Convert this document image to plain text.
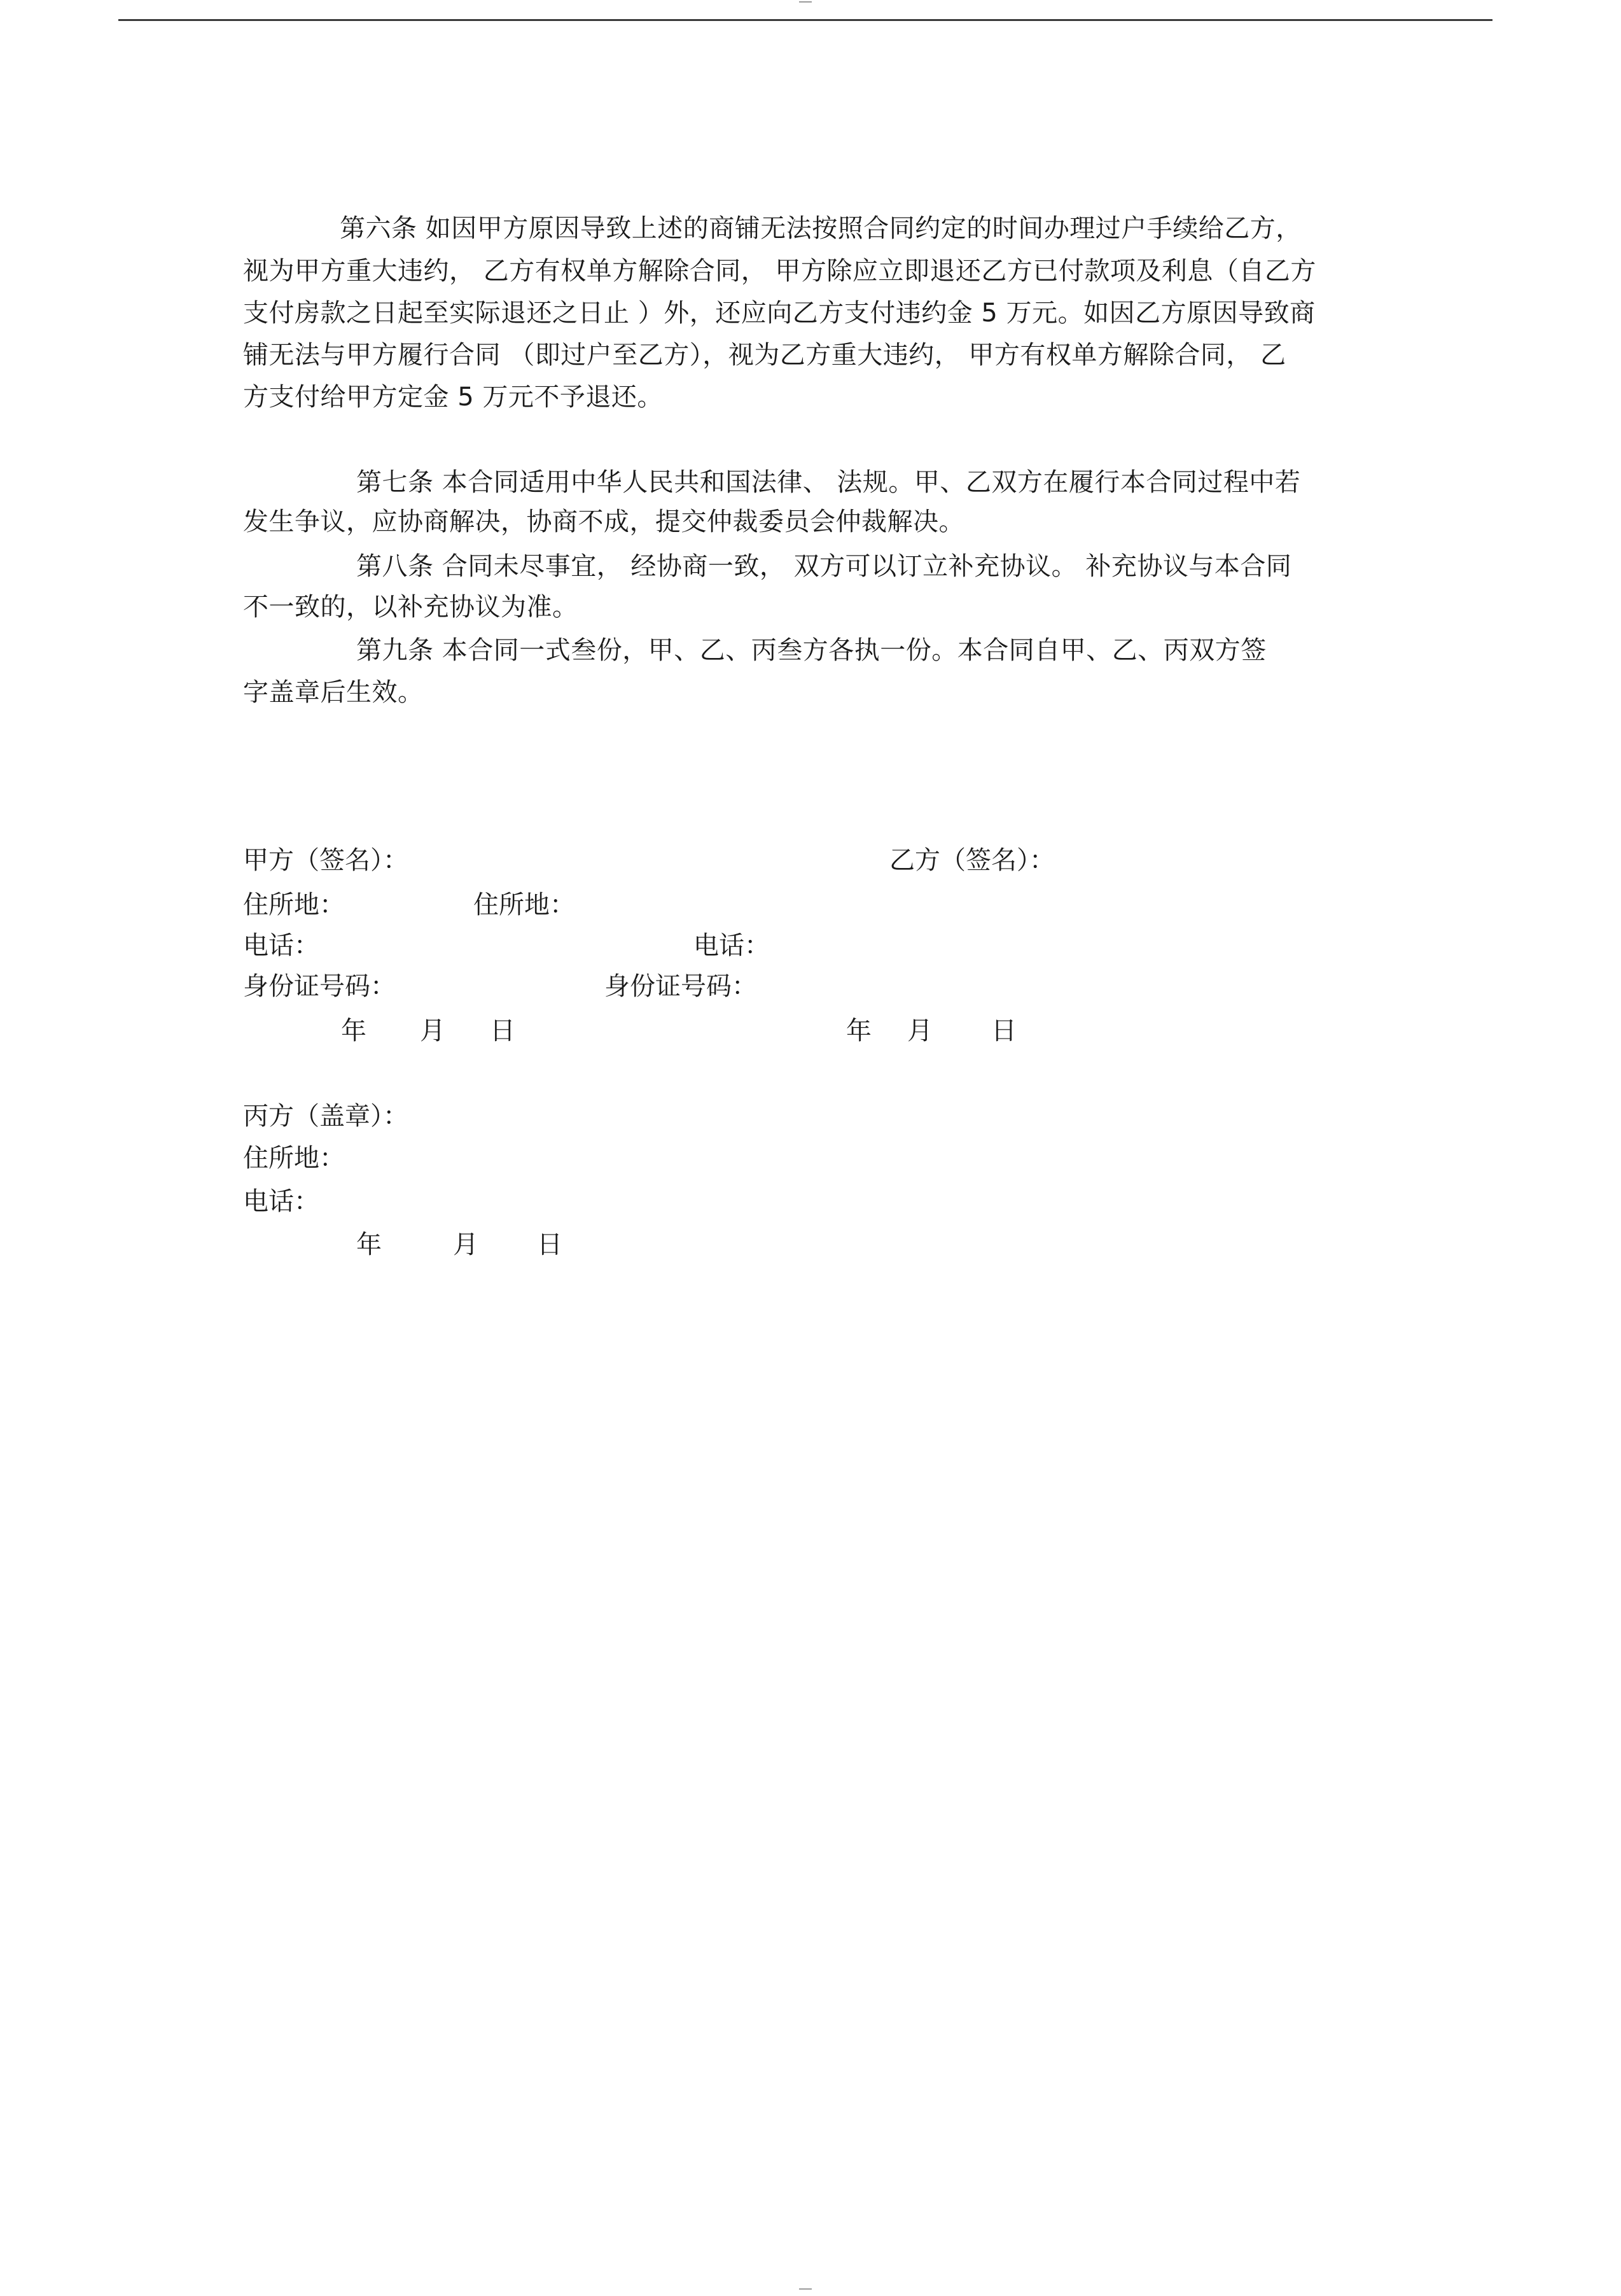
第六条 如因甲方原因导致上述的商铺无法按照合同约定的时间办理过户手续给乙方，
视为甲方重大违约， 乙方有权单方解除合同， 甲方除应立即退还乙方已付款项及利息（自乙方
支付房款之日起至实际退还之日止 ）外，还应向乙方支付违约金 5 万元。如因乙方原因导致商
铺无法与甲方履行合同 （即过户至乙方），视为乙方重大违约， 甲方有权单方解除合同， 乙
方支付给甲方定金 5 万元不予退还。
第七条 本合同适用中华人民共和国法律、 法规。甲、乙双方在履行本合同过程中若
发生争议，应协商解决，协商不成，提交仲裁委员会仲裁解决。
第八条 合同未尽事宜， 经协商一致， 双方可以订立补充协议。 补充协议与本合同
不一致的，以补充协议为准。
第九条 本合同一式叁份，甲、乙、丙叁方各执一份。本合同自甲、乙、丙双方签
字盖章后生效。
甲方（签名）：	乙方（签名）：
住所地：	住所地：
电话：	电话：
身份证号码：	身份证号码：
年 月 日	年 月 日
丙方（盖章）：
住所地：
电话：
年	月 日
